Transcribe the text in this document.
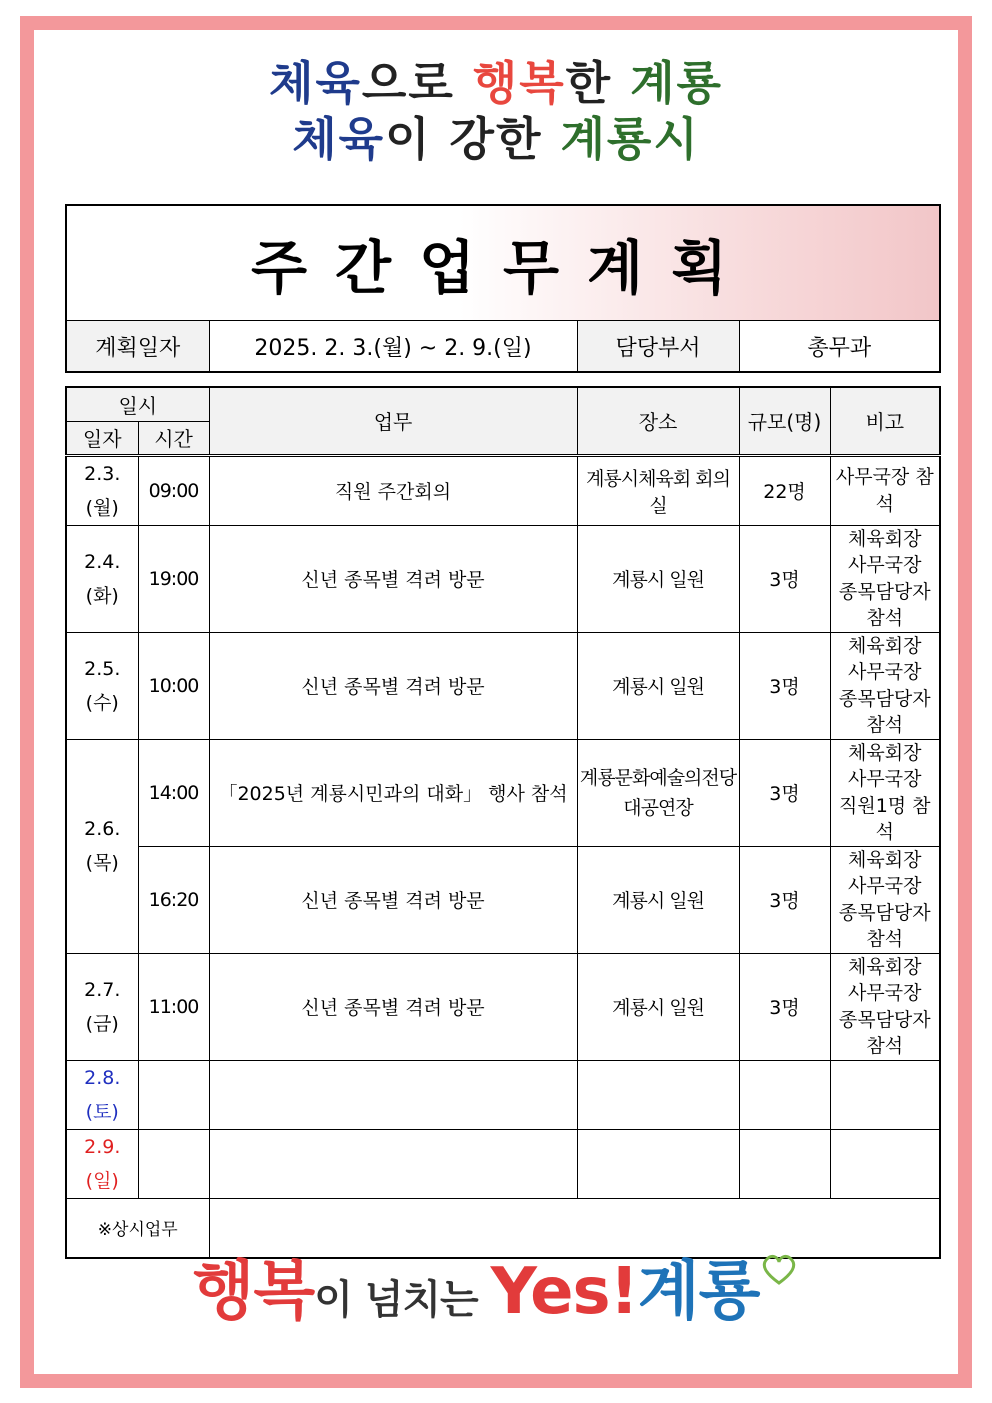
체육으로 행복한 계룡
체육이 강한 계룡시
주간업무계획
계획일자	2025. 2. 3.(월) ~ 2. 9.(일)	담당부서	총무과
일시		업무	장소	규모(명)	비고
일자	시간				
2.3.
(월)	09:00	직원 주간회의	계룡시체육회 회의실	22명	사무국장 참석
2.4.
(화)	19:00	신년 종목별 격려 방문	계룡시 일원	3명	체육회장
사무국장
종목담당자
참석
2.5.
(수)	10:00	신년 종목별 격려 방문	계룡시 일원	3명	체육회장
사무국장
종목담당자
참석
2.6.
(목)	14:00	「2025년 계룡시민과의 대화」 행사 참석	계룡문화예술의전당
대공연장	3명	체육회장
사무국장
직원1명 참석
	16:20	신년 종목별 격려 방문	계룡시 일원	3명	체육회장
사무국장
종목담당자
참석
2.7.
(금)	11:00	신년 종목별 격려 방문	계룡시 일원	3명	체육회장
사무국장
종목담당자
참석
2.8.
(토)					
2.9.
(일)					
※상시업무					
행복이 넘치는 Yes!계룡
